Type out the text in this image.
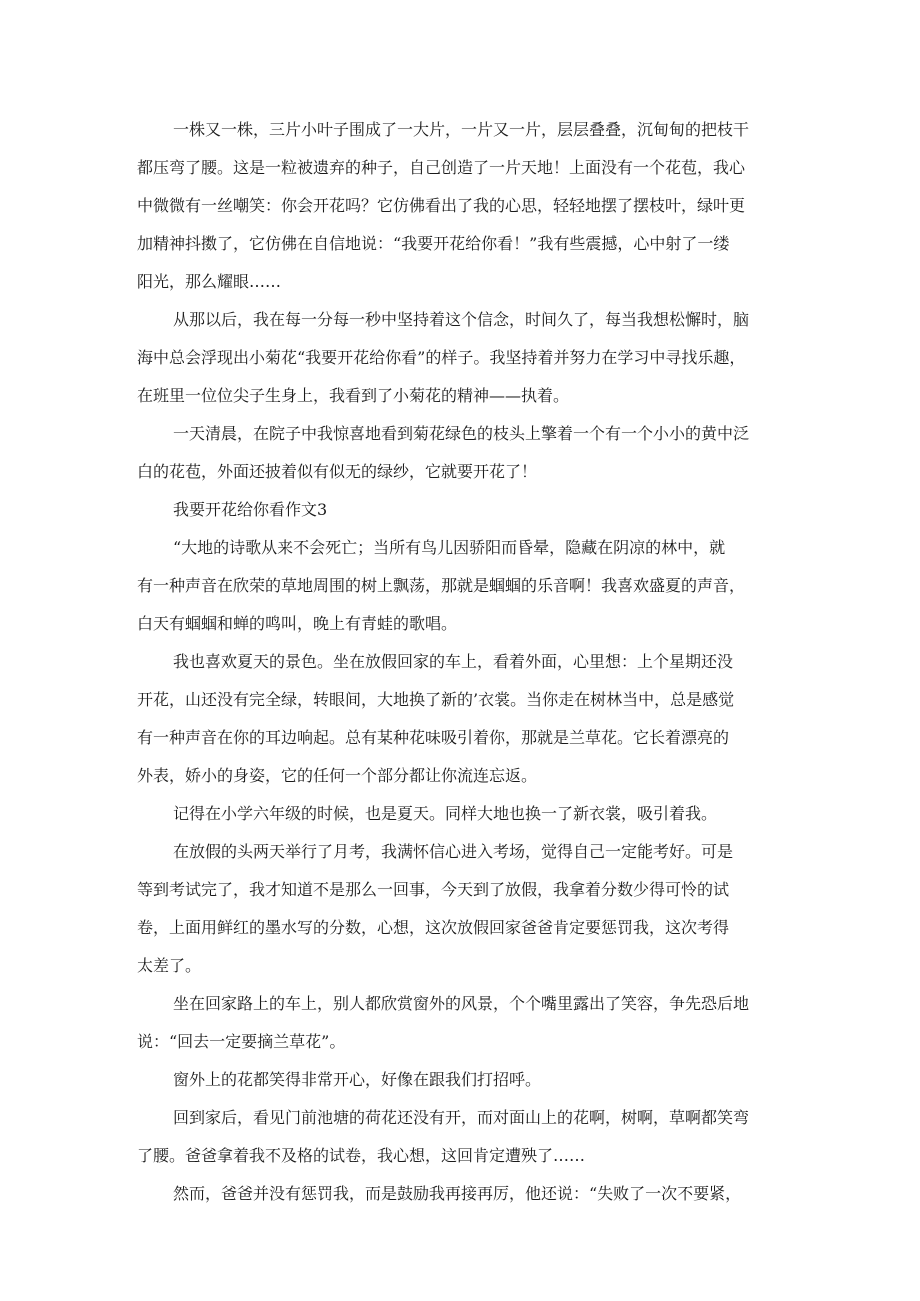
一株又一株，三片小叶子围成了一大片，一片又一片，层层叠叠，沉甸甸的把枝干
都压弯了腰。这是一粒被遗弃的种子，自己创造了一片天地！上面没有一个花苞，我心
中微微有一丝嘲笑：你会开花吗？它仿佛看出了我的心思，轻轻地摆了摆枝叶，绿叶更
加精神抖擞了，它仿佛在自信地说：“我要开花给你看！”我有些震撼，心中射了一缕
阳光，那么耀眼……
从那以后，我在每一分每一秒中坚持着这个信念，时间久了，每当我想松懈时，脑
海中总会浮现出小菊花“我要开花给你看”的样子。我坚持着并努力在学习中寻找乐趣，
在班里一位位尖子生身上，我看到了小菊花的精神——执着。
一天清晨，在院子中我惊喜地看到菊花绿色的枝头上擎着一个有一个小小的黄中泛
白的花苞，外面还披着似有似无的绿纱，它就要开花了！
我要开花给你看作文3
“大地的诗歌从来不会死亡；当所有鸟儿因骄阳而昏晕，隐藏在阴凉的林中，就
有一种声音在欣荣的草地周围的树上飘荡，那就是蝈蝈的乐音啊！我喜欢盛夏的声音，
白天有蝈蝈和蝉的鸣叫，晚上有青蛙的歌唱。
我也喜欢夏天的景色。坐在放假回家的车上，看着外面，心里想：上个星期还没
开花，山还没有完全绿，转眼间，大地换了新的’衣裳。当你走在树林当中，总是感觉
有一种声音在你的耳边响起。总有某种花味吸引着你，那就是兰草花。它长着漂亮的
外表，娇小的身姿，它的任何一个部分都让你流连忘返。
记得在小学六年级的时候，也是夏天。同样大地也换一了新衣裳，吸引着我。
在放假的头两天举行了月考，我满怀信心进入考场，觉得自己一定能考好。可是
等到考试完了，我才知道不是那么一回事，今天到了放假，我拿着分数少得可怜的试
卷，上面用鲜红的墨水写的分数，心想，这次放假回家爸爸肯定要惩罚我，这次考得
太差了。
坐在回家路上的车上，别人都欣赏窗外的风景，个个嘴里露出了笑容，争先恐后地
说：“回去一定要摘兰草花”。
窗外上的花都笑得非常开心，好像在跟我们打招呼。
回到家后，看见门前池塘的荷花还没有开，而对面山上的花啊，树啊，草啊都笑弯
了腰。爸爸拿着我不及格的试卷，我心想，这回肯定遭殃了……
然而，爸爸并没有惩罚我，而是鼓励我再接再厉，他还说：“失败了一次不要紧，
